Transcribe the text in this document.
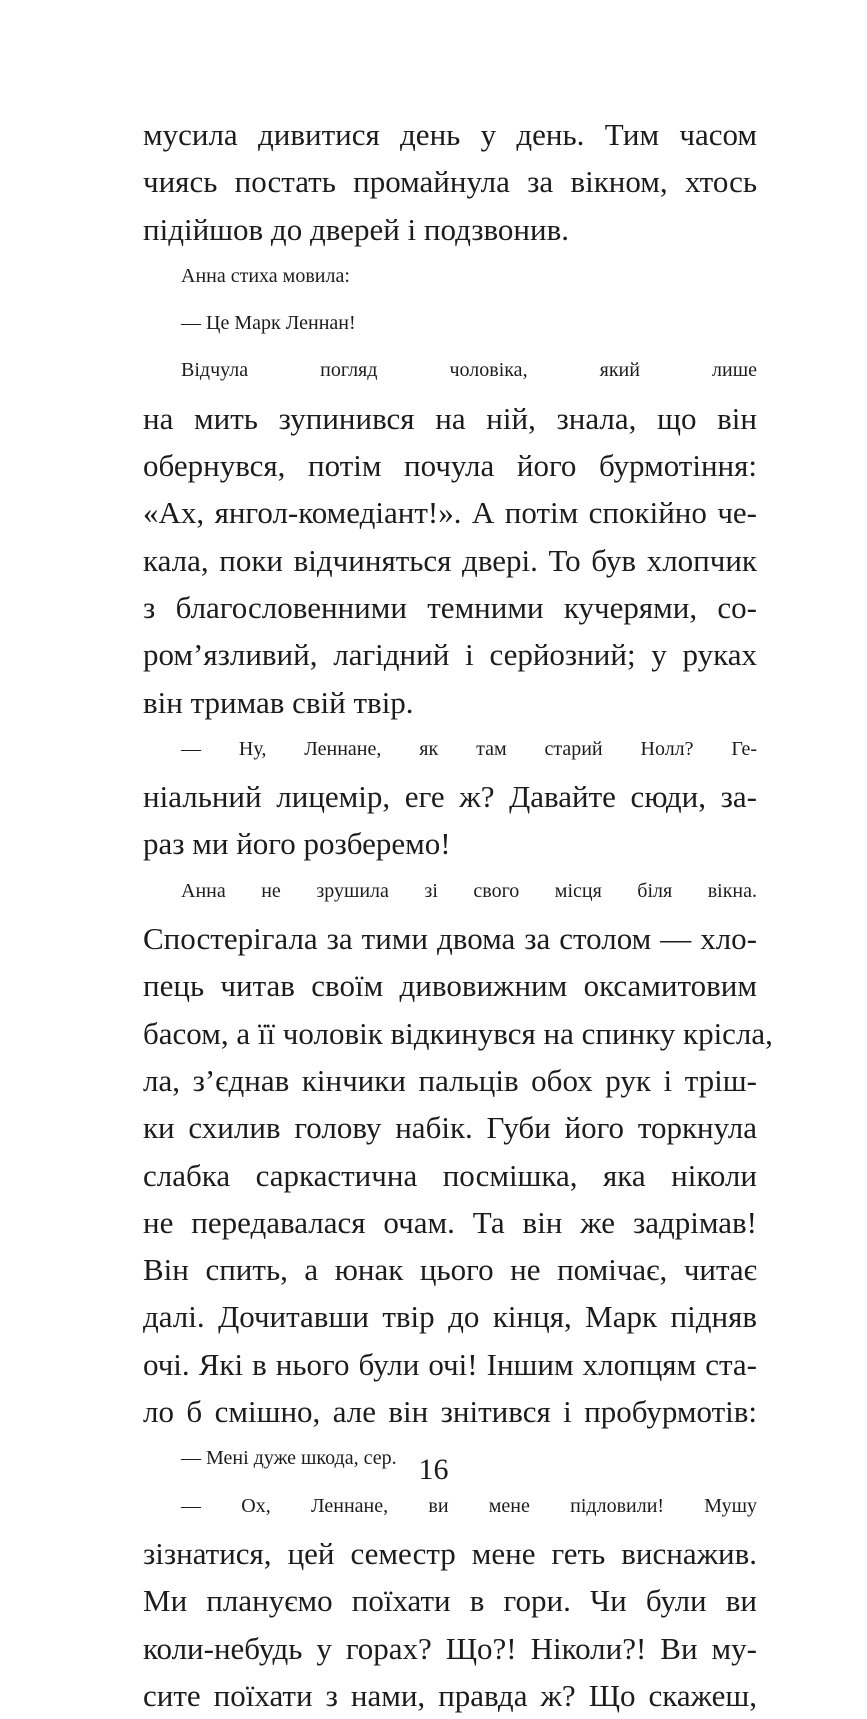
мусила дивитися день у день. Тим часом
чиясь постать промайнула за вікном, хтось
підійшов до дверей і подзвонив.
Анна стиха мовила:
— Це Марк Леннан!
Відчула погляд чоловіка, який лише
на мить зупинився на ній, знала, що він
обернувся, потім почула його бурмотіння:
«Ах, янгол-комедіант!». А потім спокійно че-
кала, поки відчиняться двері. То був хлопчик
з благословенними темними кучерями, со-
ром’язливий, лагідний і серйозний; у руках
він тримав свій твір.
— Ну, Леннане, як там старий Нолл? Ге-
ніальний лицемір, еге ж? Давайте сюди, за-
раз ми його розберемо!
Анна не зрушила зі свого місця біля вікна.
Спостерігала за тими двома за столом — хло-
пець читав своїм дивовижним оксамитовим
басом, а її чоловік відкинувся на спинку крісла,
ла, з’єднав кінчики пальців обох рук і тріш-
ки схилив голову набік. Губи його торкнула
слабка саркастична посмішка, яка ніколи
не передавалася очам. Та він же задрімав!
Він спить, а юнак цього не помічає, читає
далі. Дочитавши твір до кінця, Марк підняв
очі. Які в нього були очі! Іншим хлопцям ста-
ло б смішно, але він знітився і пробурмотів:
— Мені дуже шкода, сер.
— Ох, Леннане, ви мене підловили! Мушу
зізнатися, цей семестр мене геть виснажив.
Ми плануємо поїхати в гори. Чи були ви
коли-небудь у горах? Що?! Ніколи?! Ви му-
сите поїхати з нами, правда ж? Що скажеш,
16
